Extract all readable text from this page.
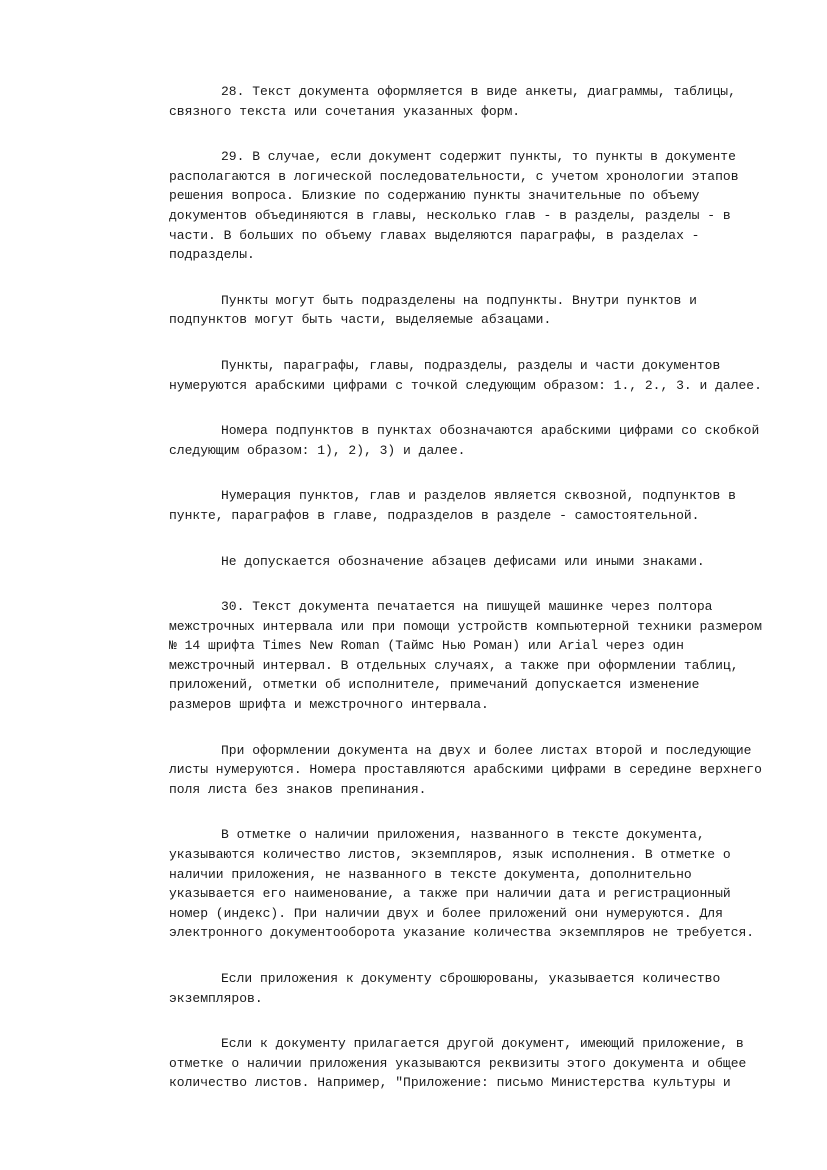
28. Текст документа оформляется в виде анкеты, диаграммы, таблицы,
связного текста или сочетания указанных форм.
29. В случае, если документ содержит пункты, то пункты в документе
располагаются в логической последовательности, с учетом хронологии этапов
решения вопроса. Близкие по содержанию пункты значительные по объему
документов объединяются в главы, несколько глав - в разделы, разделы - в
части. В больших по объему главах выделяются параграфы, в разделах -
подразделы.
Пункты могут быть подразделены на подпункты. Внутри пунктов и
подпунктов могут быть части, выделяемые абзацами.
Пункты, параграфы, главы, подразделы, разделы и части документов
нумеруются арабскими цифрами с точкой следующим образом: 1., 2., 3. и далее.
Номера подпунктов в пунктах обозначаются арабскими цифрами со скобкой
следующим образом: 1), 2), 3) и далее.
Нумерация пунктов, глав и разделов является сквозной, подпунктов в
пункте, параграфов в главе, подразделов в разделе - самостоятельной.
Не допускается обозначение абзацев дефисами или иными знаками.
30. Текст документа печатается на пишущей машинке через полтора
межстрочных интервала или при помощи устройств компьютерной техники размером
№ 14 шрифта Times New Roman (Таймс Нью Роман) или Arial через один
межстрочный интервал. В отдельных случаях, а также при оформлении таблиц,
приложений, отметки об исполнителе, примечаний допускается изменение
размеров шрифта и межстрочного интервала.
При оформлении документа на двух и более листах второй и последующие
листы нумеруются. Номера проставляются арабскими цифрами в середине верхнего
поля листа без знаков препинания.
В отметке о наличии приложения, названного в тексте документа,
указываются количество листов, экземпляров, язык исполнения. В отметке о
наличии приложения, не названного в тексте документа, дополнительно
указывается его наименование, а также при наличии дата и регистрационный
номер (индекс). При наличии двух и более приложений они нумеруются. Для
электронного документооборота указание количества экземпляров не требуется.
Если приложения к документу сброшюрованы, указывается количество
экземпляров.
Если к документу прилагается другой документ, имеющий приложение, в
отметке о наличии приложения указываются реквизиты этого документа и общее
количество листов. Например, "Приложение: письмо Министерства культуры и
